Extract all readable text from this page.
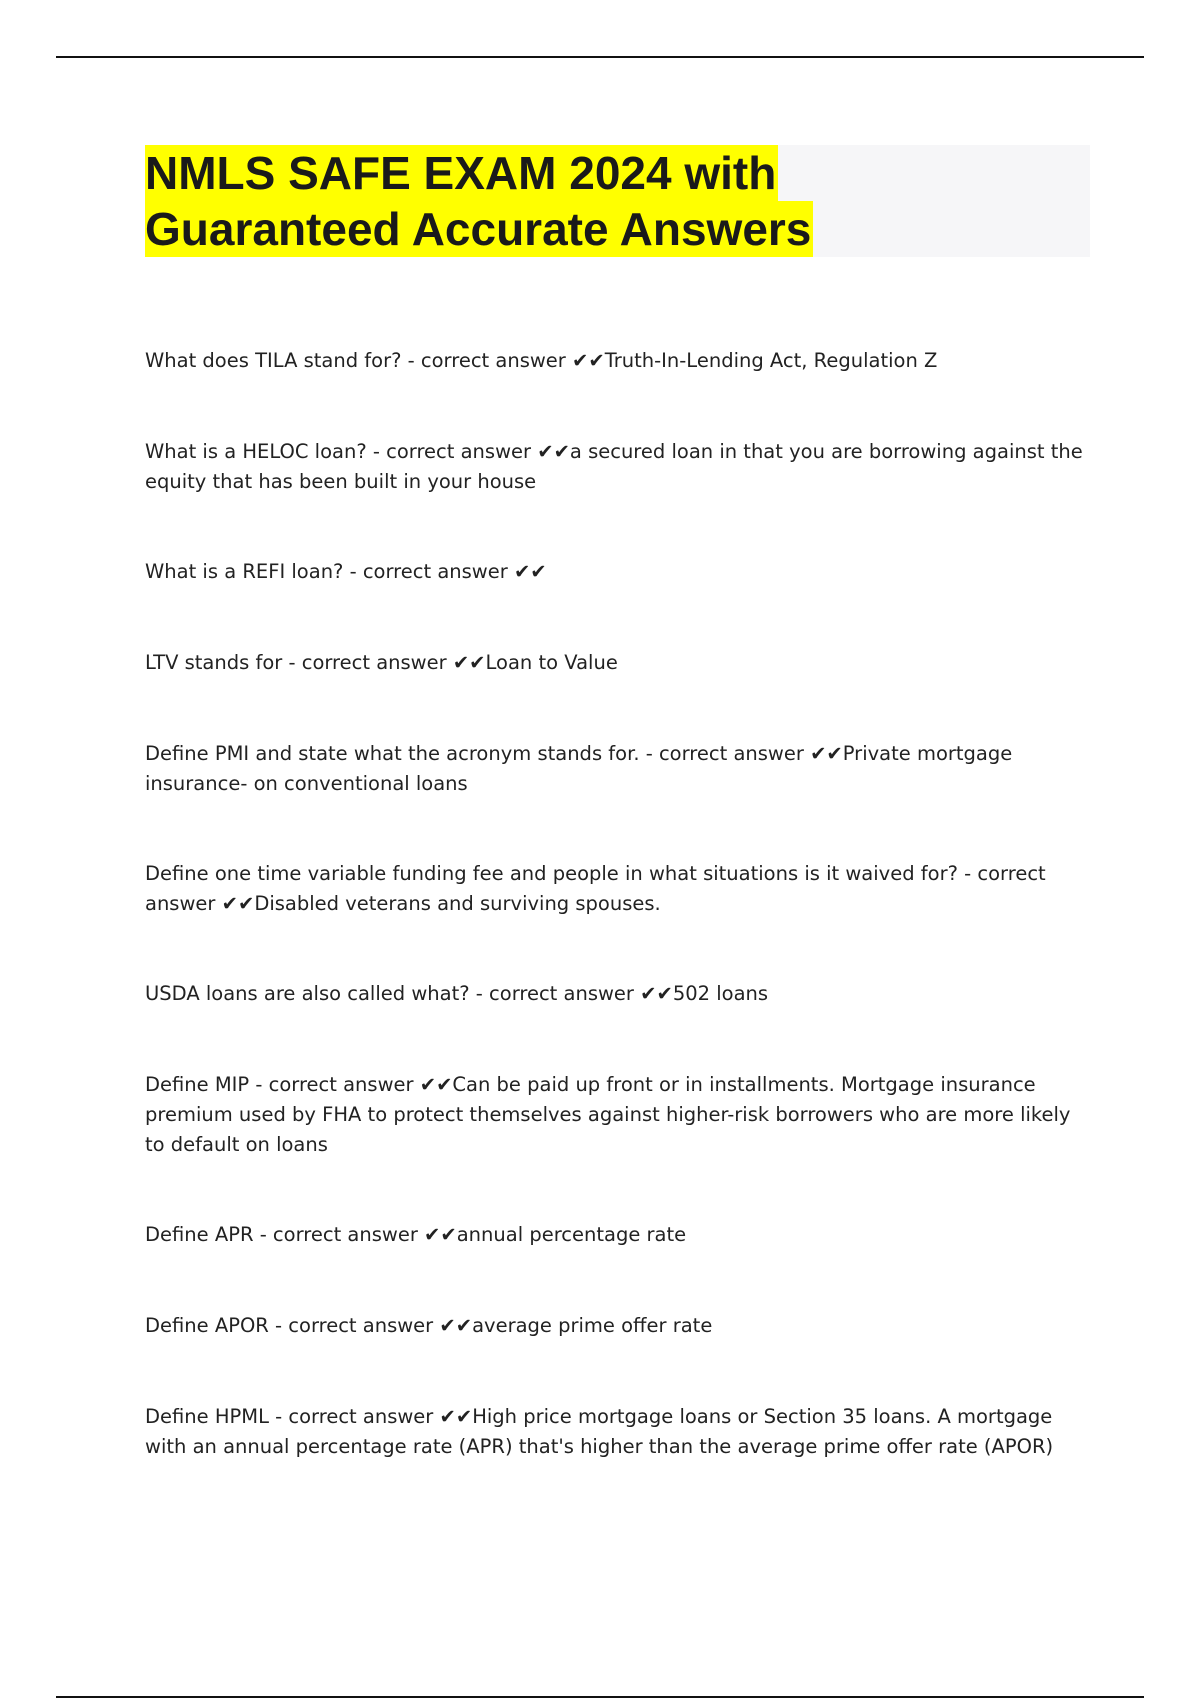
NMLS SAFE EXAM 2024 with
Guaranteed Accurate Answers
What does TILA stand for? - correct answer ✔✔Truth-In-Lending Act, Regulation Z
What is a HELOC loan? - correct answer ✔✔a secured loan in that you are borrowing against the equity that has been built in your house
What is a REFI loan? - correct answer ✔✔
LTV stands for - correct answer ✔✔Loan to Value
Define PMI and state what the acronym stands for. - correct answer ✔✔Private mortgage insurance- on conventional loans
Define one time variable funding fee and people in what situations is it waived for? - correct answer ✔✔Disabled veterans and surviving spouses.
USDA loans are also called what? - correct answer ✔✔502 loans
Define MIP - correct answer ✔✔Can be paid up front or in installments. Mortgage insurance premium used by FHA to protect themselves against higher-risk borrowers who are more likely to default on loans
Define APR - correct answer ✔✔annual percentage rate
Define APOR - correct answer ✔✔average prime offer rate
Define HPML - correct answer ✔✔High price mortgage loans or Section 35 loans. A mortgage with an annual percentage rate (APR) that's higher than the average prime offer rate (APOR)
